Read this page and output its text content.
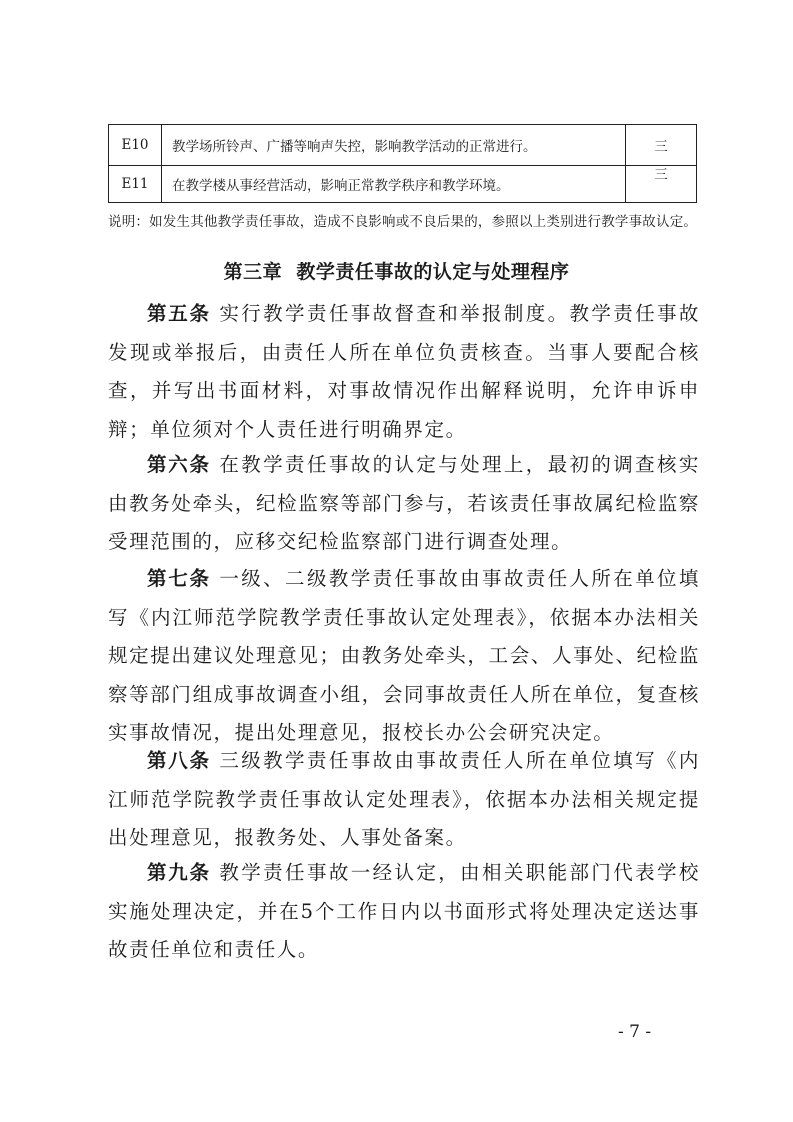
E10	教学场所铃声、广播等响声失控，影响教学活动的正常进行。	三
E11	在教学楼从事经营活动，影响正常教学秩序和教学环境。	三
说明：如发生其他教学责任事故，造成不良影响或不良后果的，参照以上类别进行教学事故认定。
第三章  教学责任事故的认定与处理程序
第五条 实行教学责任事故督查和举报制度。教学责任事故发现或举报后，由责任人所在单位负责核查。当事人要配合核查，并写出书面材料，对事故情况作出解释说明，允许申诉申辩；单位须对个人责任进行明确界定。
第六条 在教学责任事故的认定与处理上，最初的调查核实由教务处牵头，纪检监察等部门参与，若该责任事故属纪检监察受理范围的，应移交纪检监察部门进行调查处理。
第七条 一级、二级教学责任事故由事故责任人所在单位填写《内江师范学院教学责任事故认定处理表》，依据本办法相关规定提出建议处理意见；由教务处牵头，工会、人事处、纪检监察等部门组成事故调查小组，会同事故责任人所在单位，复查核实事故情况，提出处理意见，报校长办公会研究决定。
第八条 三级教学责任事故由事故责任人所在单位填写《内江师范学院教学责任事故认定处理表》，依据本办法相关规定提出处理意见，报教务处、人事处备案。
第九条 教学责任事故一经认定，由相关职能部门代表学校实施处理决定，并在5个工作日内以书面形式将处理决定送达事故责任单位和责任人。
- 7 -
